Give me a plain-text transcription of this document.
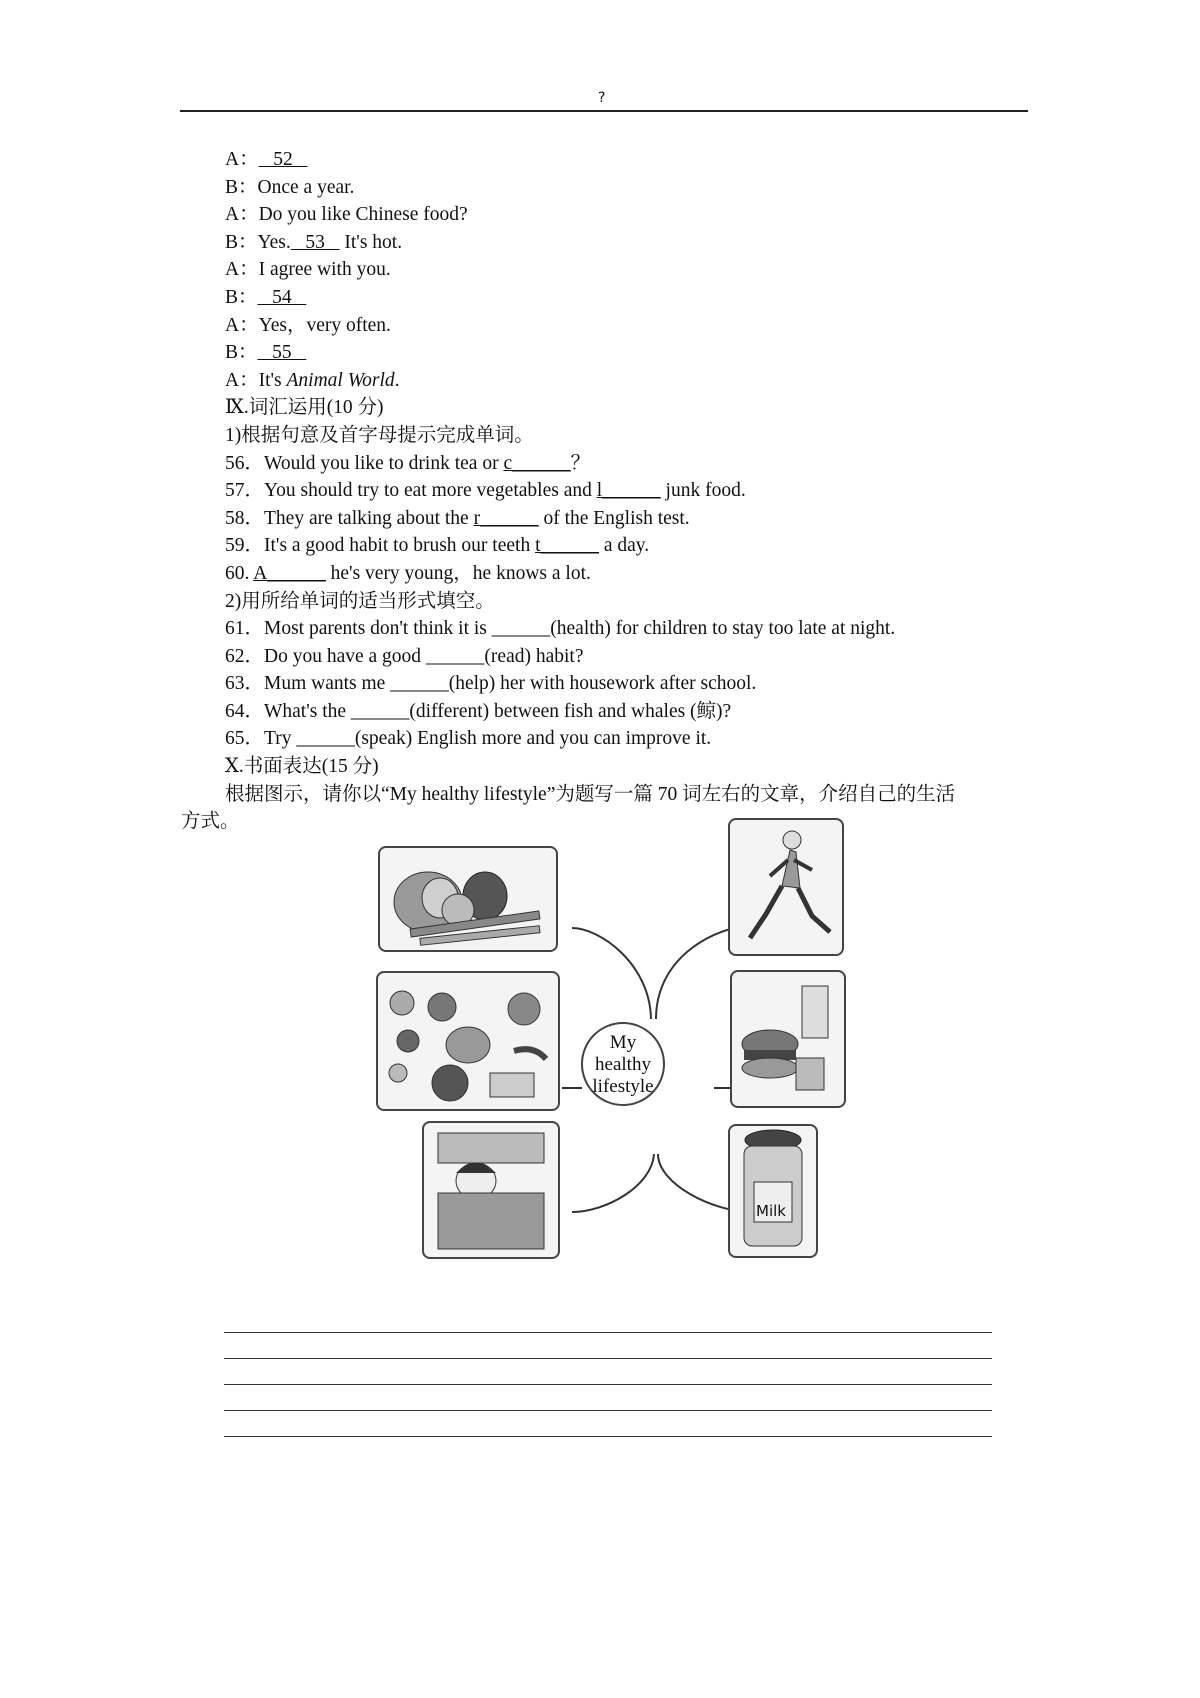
?
A：   52
B：Once a year.
A：Do you like Chinese food?
B：Yes.   53    It's hot.
A：I agree with you.
B：   54
A：Yes，very often.
B：   55
A：It's Animal World.
Ⅸ.词汇运用(10 分)
1)根据句意及首字母提示完成单词。
56．Would you like to drink tea or c______？
57．You should try to eat more vegetables and l______ junk food.
58．They are talking about the r______ of the English test.
59．It's a good habit to brush our teeth t______ a day.
60. A______ he's very young，he knows a lot.
2)用所给单词的适当形式填空。
61．Most parents don't think it is ______(health) for children to stay too late at night.
62．Do you have a good ______(read) habit?
63．Mum wants me ______(help) her with housework after school.
64．What's the ______(different) between fish and whales (鲸)?
65．Try ______(speak) English more and you can improve it.
Ⅹ.书面表达(15 分)
根据图示，请你以“My healthy lifestyle”为题写一篇 70 词左右的文章，介绍自己的生活
方式。
My
healthy
lifestyle
Milk
